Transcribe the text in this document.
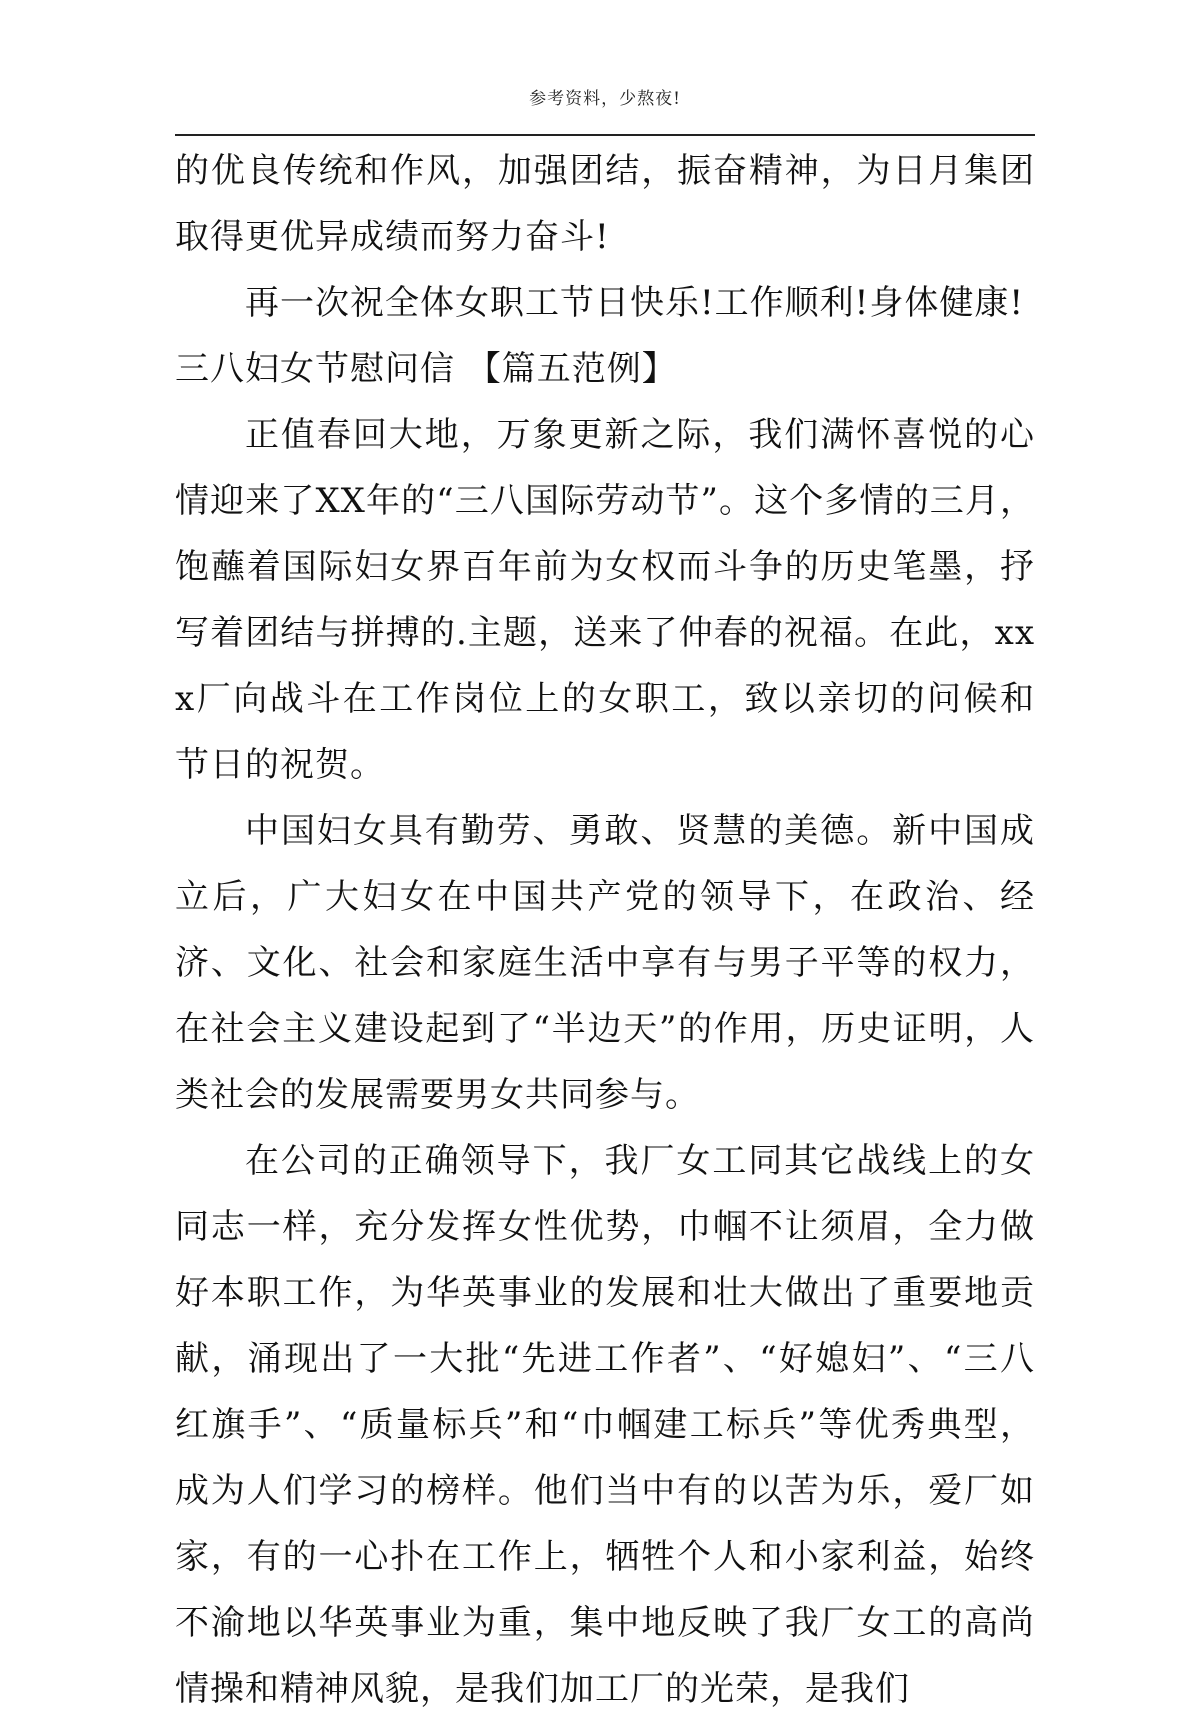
参考资料，少熬夜!

的优良传统和作风，加强团结，振奋精神，为日月集团取得更优异成绩而努力奋斗!

再一次祝全体女职工节日快乐!工作顺利!身体健康!

三八妇女节慰问信 【篇五范例】

正值春回大地，万象更新之际，我们满怀喜悦的心情迎来了XX年的“三八国际劳动节”。这个多情的三月，饱蘸着国际妇女界百年前为女权而斗争的历史笔墨，抒写着团结与拼搏的.主题，送来了仲春的祝福。在此，xxx厂向战斗在工作岗位上的女职工，致以亲切的问候和节日的祝贺。

中国妇女具有勤劳、勇敢、贤慧的美德。新中国成立后，广大妇女在中国共产党的领导下，在政治、经济、文化、社会和家庭生活中享有与男子平等的权力，在社会主义建设起到了“半边天”的作用，历史证明，人类社会的发展需要男女共同参与。

在公司的正确领导下，我厂女工同其它战线上的女同志一样，充分发挥女性优势，巾帼不让须眉，全力做好本职工作，为华英事业的发展和壮大做出了重要地贡献，涌现出了一大批“先进工作者”、“好媳妇”、“三八红旗手”、“质量标兵”和“巾帼建工标兵”等优秀典型，成为人们学习的榜样。他们当中有的以苦为乐，爱厂如家，有的一心扑在工作上，牺牲个人和小家利益，始终不渝地以华英事业为重，集中地反映了我厂女工的高尚情操和精神风貌，是我们加工厂的光荣，是我们
